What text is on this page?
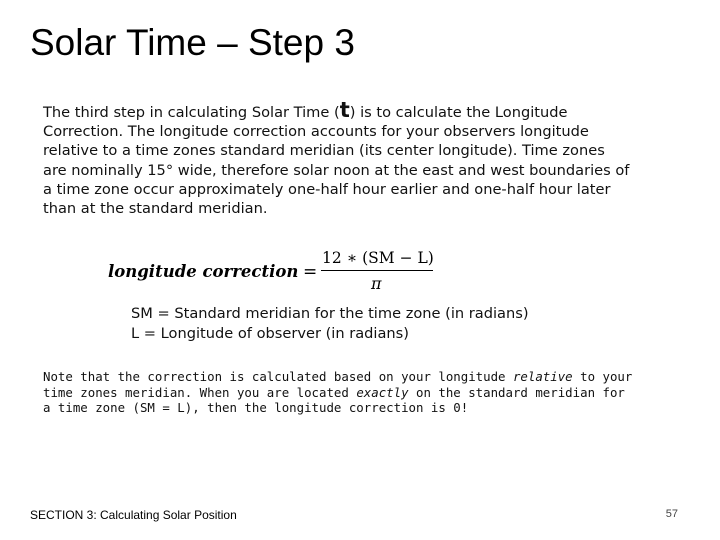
Solar Time – Step 3
The third step in calculating Solar Time (t) is to calculate the Longitude Correction. The longitude correction accounts for your observers longitude relative to a time zones standard meridian (its center longitude). Time zones are nominally 15° wide, therefore solar noon at the east and west boundaries of a time zone occur approximately one-half hour earlier and one-half hour later than at the standard meridian.
longitude correction =
12 ∗ (SM − L)
π
SM = Standard meridian for the time zone (in radians)
L = Longitude of observer (in radians)
Note that the correction is calculated based on your longitude relative to your time zones meridian. When you are located exactly on the standard meridian for a time zone (SM = L), then the longitude correction is 0!
SECTION 3: Calculating Solar Position	57
